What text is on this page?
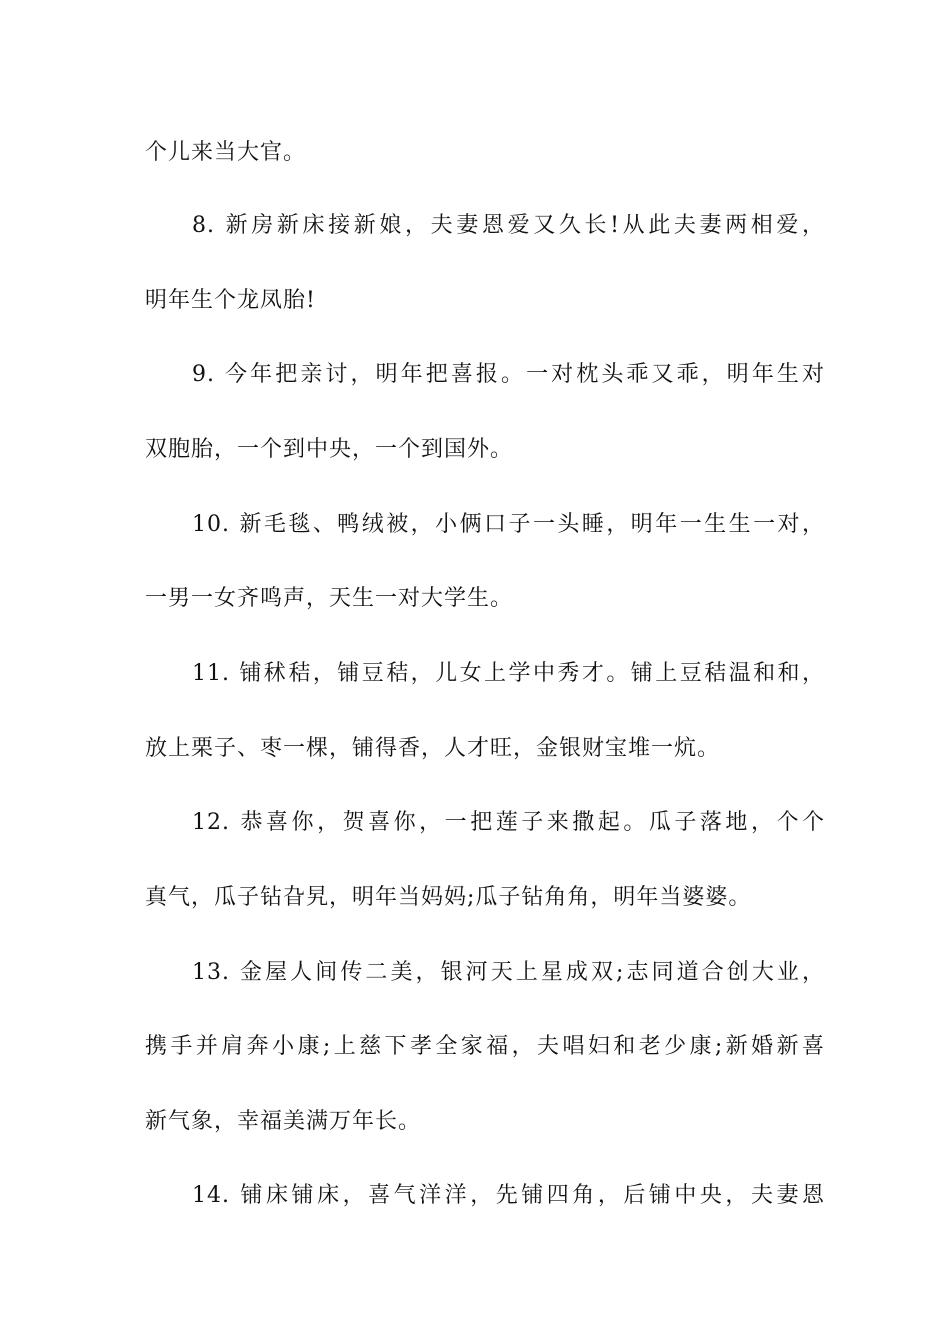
个儿来当大官。
8. 新房新床接新娘，夫妻恩爱又久长!从此夫妻两相爱，
明年生个龙凤胎!
9. 今年把亲讨，明年把喜报。一对枕头乖又乖，明年生对
双胞胎，一个到中央，一个到国外。
10. 新毛毯、鸭绒被，小俩口子一头睡，明年一生生一对，
一男一女齐鸣声，天生一对大学生。
11. 铺秫秸，铺豆秸，儿女上学中秀才。铺上豆秸温和和，
放上栗子、枣一棵，铺得香，人才旺，金银财宝堆一炕。
12. 恭喜你，贺喜你，一把莲子来撒起。瓜子落地，个个
真气，瓜子钻旮旯，明年当妈妈;瓜子钻角角，明年当婆婆。
13. 金屋人间传二美，银河天上星成双;志同道合创大业，
携手并肩奔小康;上慈下孝全家福，夫唱妇和老少康;新婚新喜
新气象，幸福美满万年长。
14. 铺床铺床，喜气洋洋，先铺四角，后铺中央，夫妻恩
